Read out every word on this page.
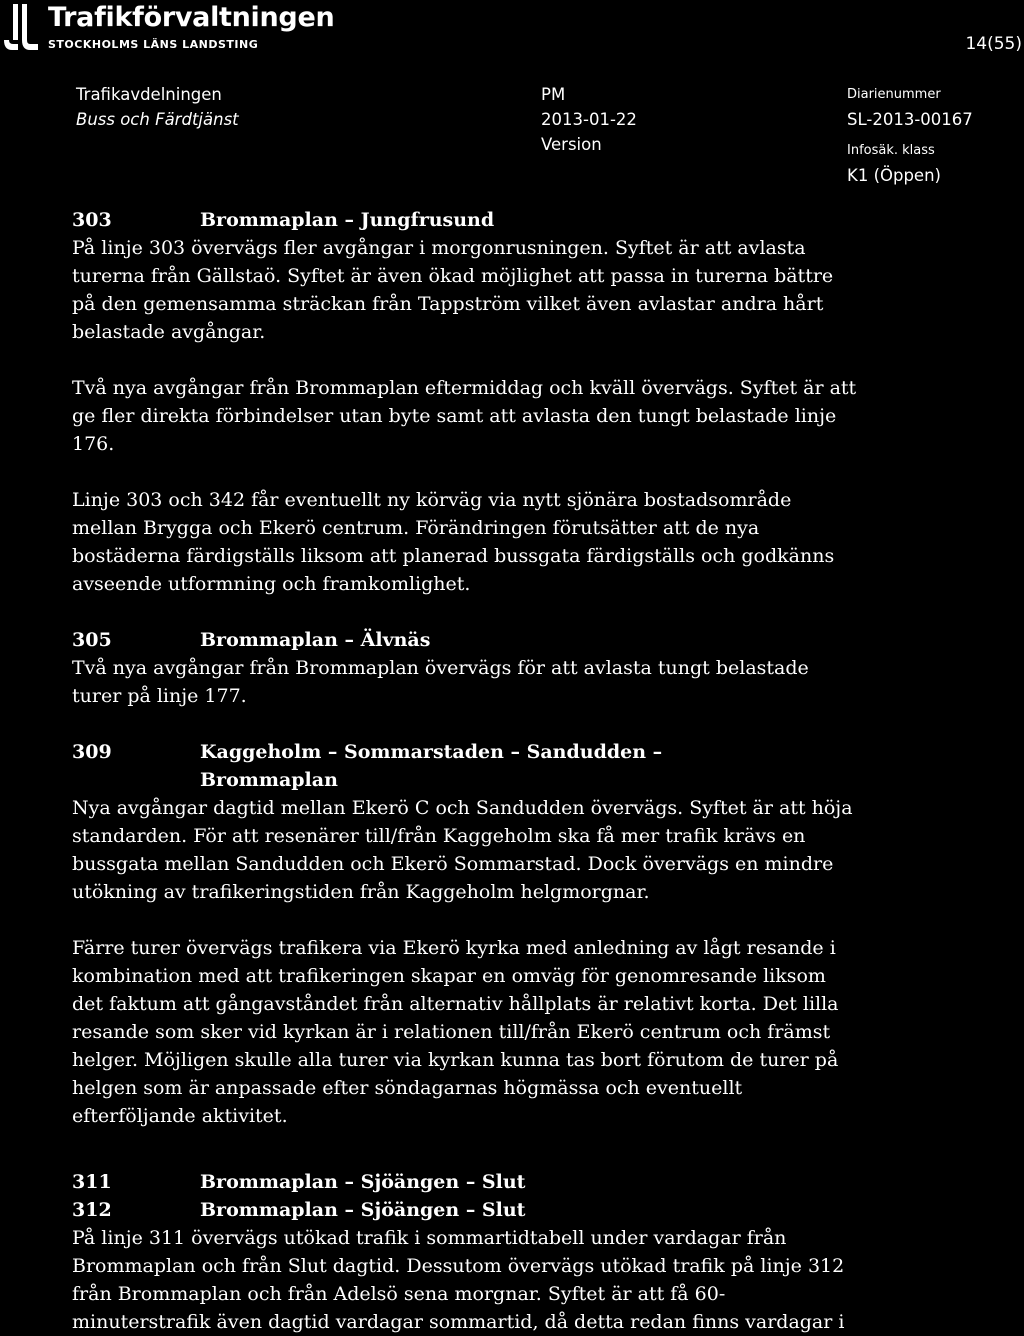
Trafikförvaltningen
STOCKHOLMS LÄNS LANDSTING	14(55)
Trafikavdelningen
Buss och Färdtjänst
PM
2013-01-22
Version
Diarienummer
SL-2013-00167
Infosäk. klass
K1 (Öppen)
303	Brommaplan – Jungfrusund

På linje 303 övervägs fler avgångar i morgonrusningen. Syftet är att avlasta turerna från Gällstaö. Syftet är även ökad möjlighet att passa in turerna bättre på den gemensamma sträckan från Tappström vilket även avlastar andra hårt belastade avgångar.

Två nya avgångar från Brommaplan eftermiddag och kväll övervägs. Syftet är att ge fler direkta förbindelser utan byte samt att avlasta den tungt belastade linje 176.

Linje 303 och 342 får eventuellt ny körväg via nytt sjönära bostadsområde mellan Brygga och Ekerö centrum. Förändringen förutsätter att de nya bostäderna färdigställs liksom att planerad bussgata färdigställs och godkänns avseende utformning och framkomlighet.

305	Brommaplan – Älvnäs

Två nya avgångar från Brommaplan övervägs för att avlasta tungt belastade turer på linje 177.

309	Kaggeholm – Sommarstaden – Sandudden – Brommaplan

Nya avgångar dagtid mellan Ekerö C och Sandudden övervägs. Syftet är att höja standarden. För att resenärer till/från Kaggeholm ska få mer trafik krävs en bussgata mellan Sandudden och Ekerö Sommarstad. Dock övervägs en mindre utökning av trafikeringstiden från Kaggeholm helgmorgnar.

Färre turer övervägs trafikera via Ekerö kyrka med anledning av lågt resande i kombination med att trafikeringen skapar en omväg för genomresande liksom det faktum att gångavståndet från alternativ hållplats är relativt korta. Det lilla resande som sker vid kyrkan är i relationen till/från Ekerö centrum och främst helger. Möjligen skulle alla turer via kyrkan kunna tas bort förutom de turer på helgen som är anpassade efter söndagarnas högmässa och eventuellt efterföljande aktivitet.

311	Brommaplan – Sjöängen – Slut
312	Brommaplan – Sjöängen – Slut

På linje 311 övervägs utökad trafik i sommartidtabell under vardagar från Brommaplan och från Slut dagtid. Dessutom övervägs utökad trafik på linje 312 från Brommaplan och från Adelsö sena morgnar. Syftet är att få 60-minuterstrafik även dagtid vardagar sommartid, då detta redan finns vardagar i
